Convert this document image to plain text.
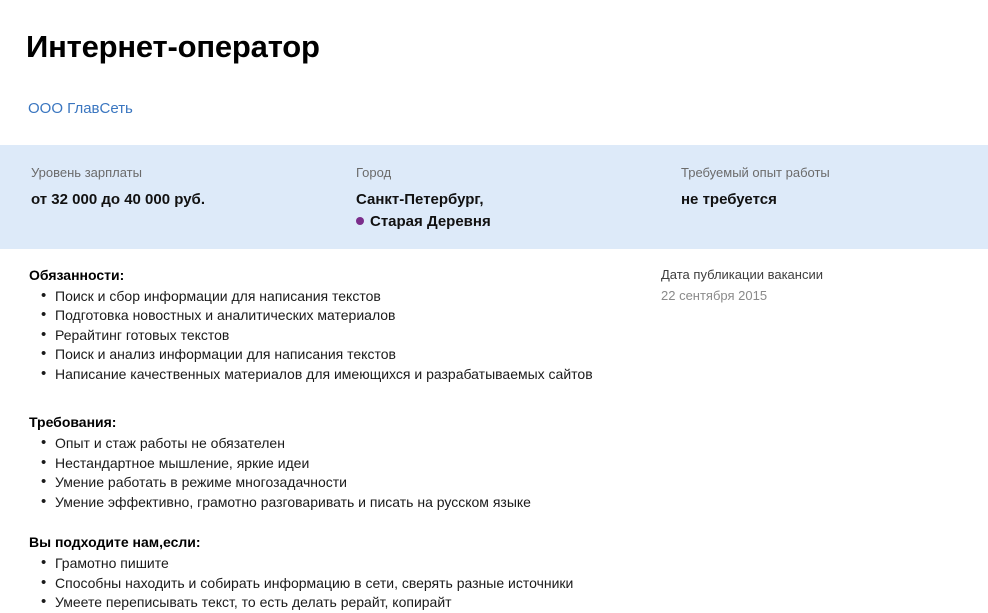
Интернет-оператор
ООО ГлавСеть
Уровень зарплаты
от 32 000 до 40 000 руб.
Город
Санкт-Петербург,
Старая Деревня
Требуемый опыт работы
не требуется
Обязанности:
• Поиск и сбор информации для написания текстов
• Подготовка новостных и аналитических материалов
• Рерайтинг готовых текстов
• Поиск и анализ информации для написания текстов
• Написание качественных материалов для имеющихся и разрабатываемых сайтов
Требования:
• Опыт и стаж работы не обязателен
• Нестандартное мышление, яркие идеи
• Умение работать в режиме многозадачности
• Умение эффективно, грамотно разговаривать и писать на русском языке
Вы подходите нам,если:
• Грамотно пишите
• Способны находить и собирать информацию в сети, сверять разные источники
• Умеете переписывать текст, то есть делать рерайт, копирайт
Дата публикации вакансии
22 сентября 2015
